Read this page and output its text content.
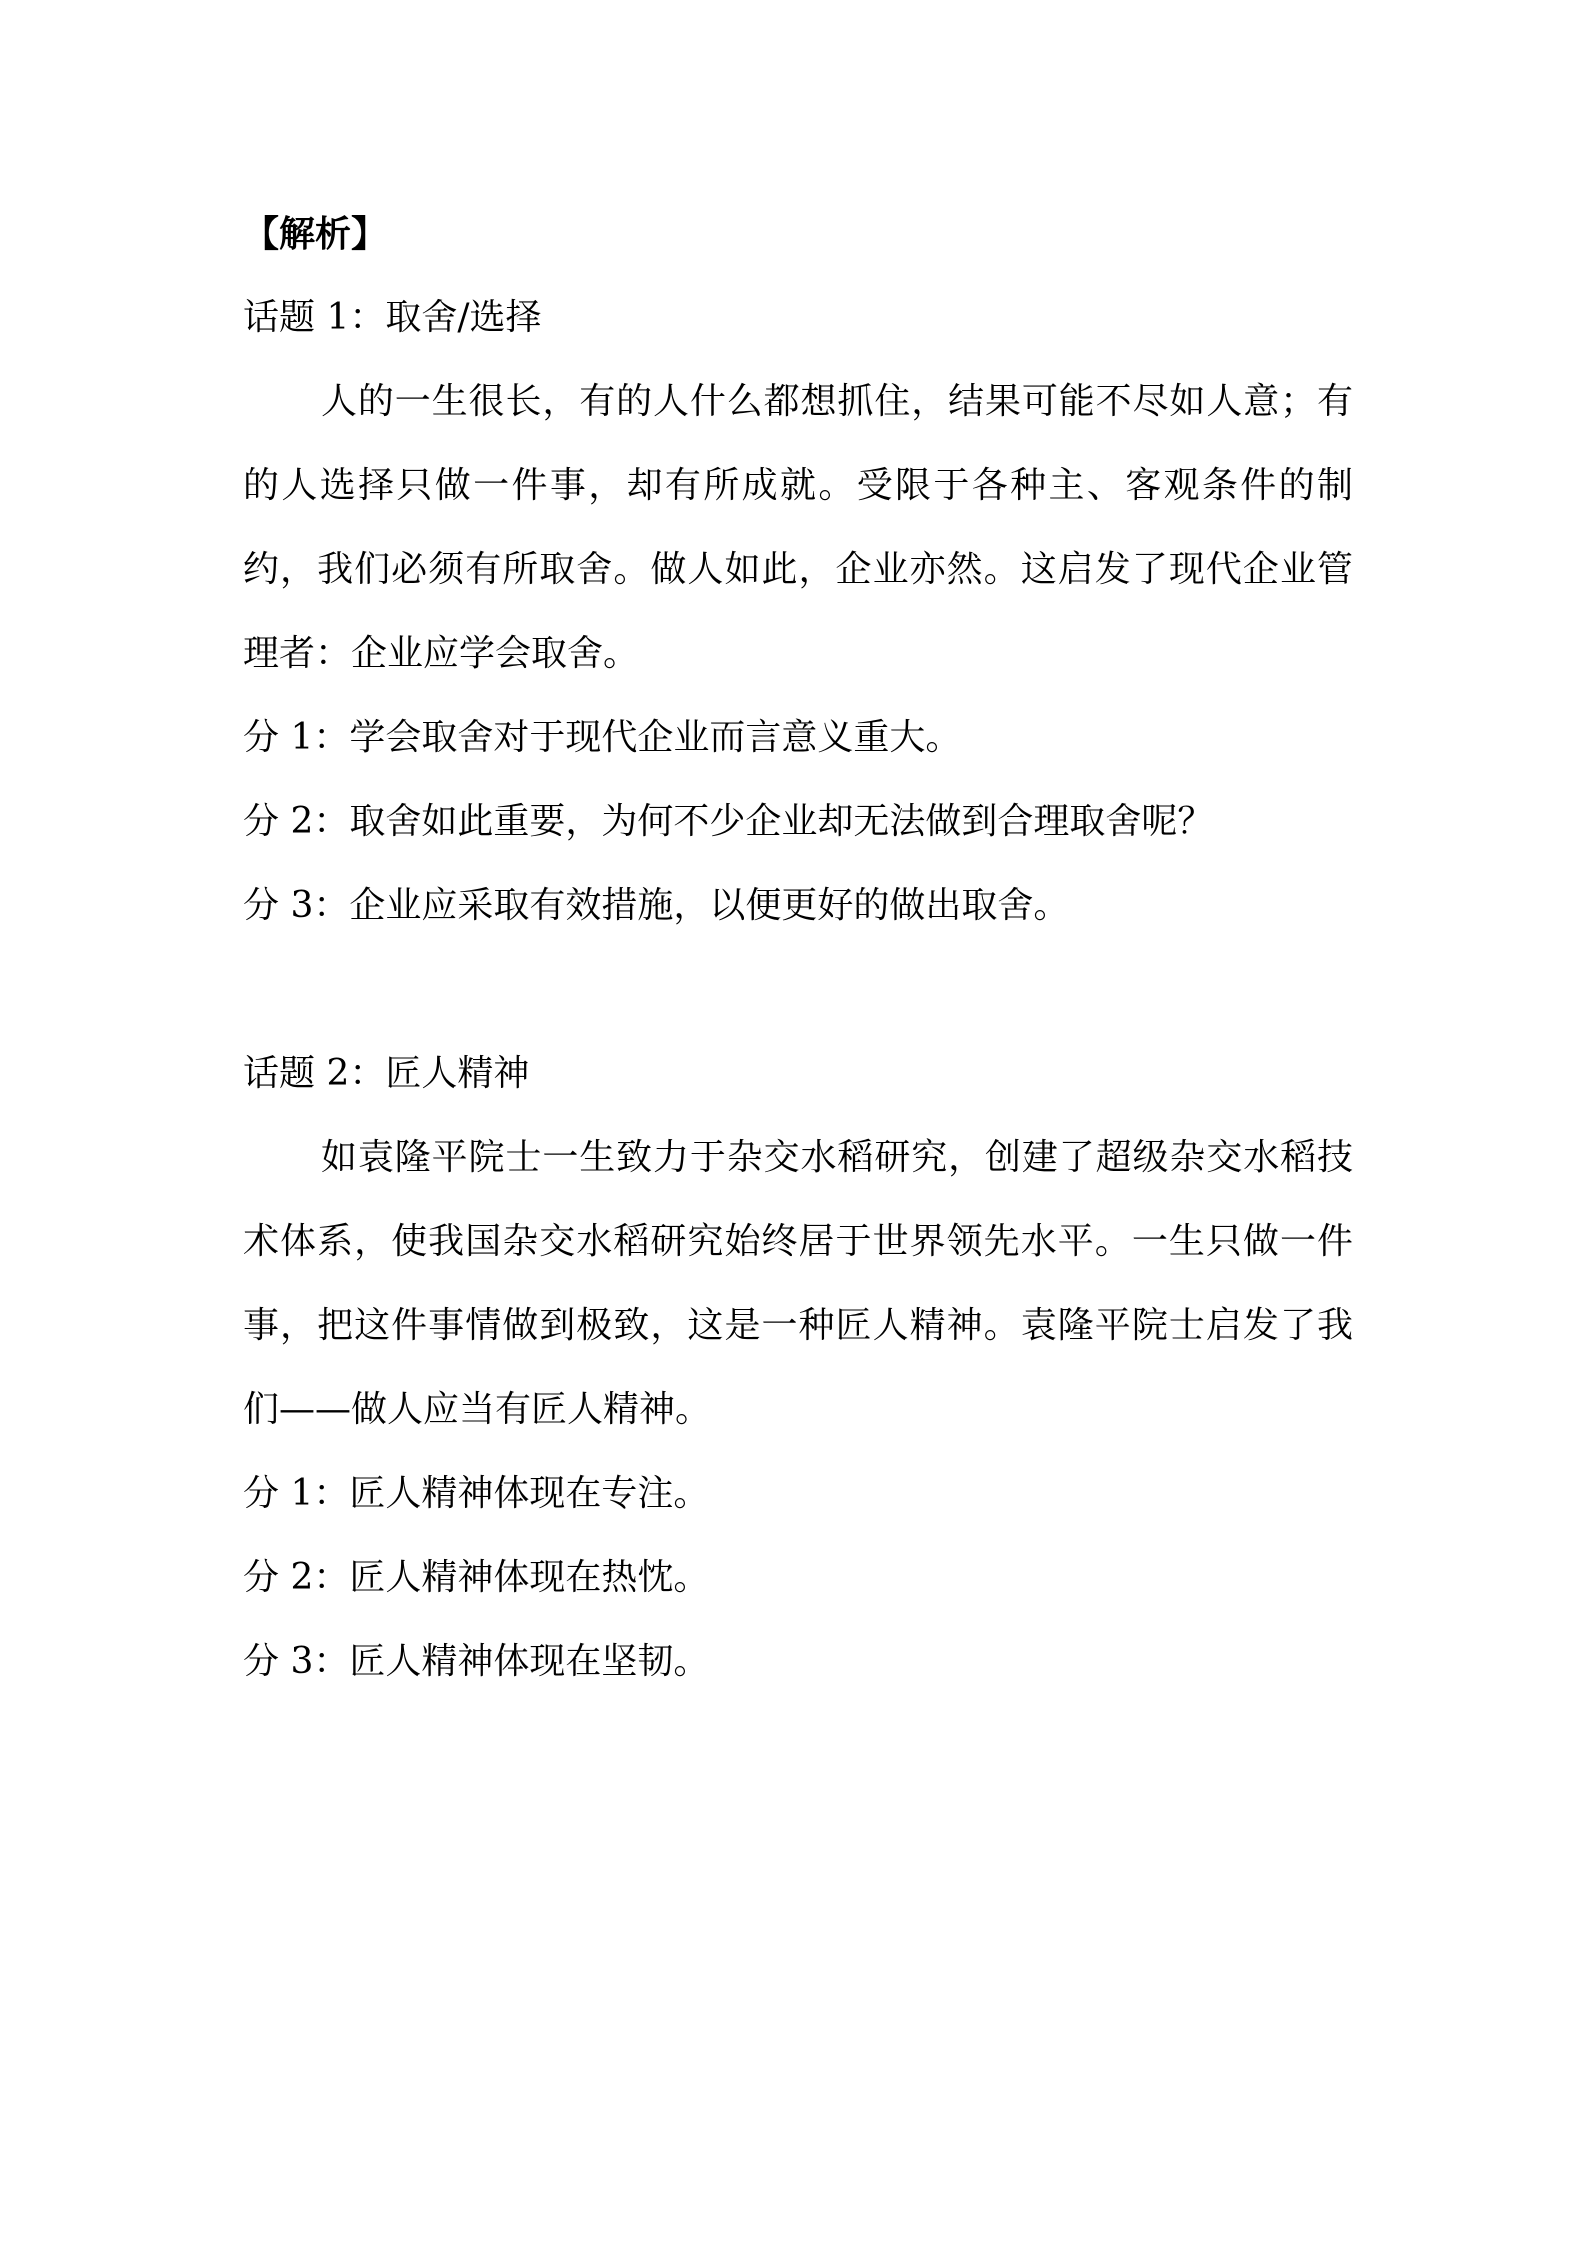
【解析】
话题 1：取舍/选择
人的一生很长，有的人什么都想抓住，结果可能不尽如人意；有的人选择只做一件事，却有所成就。受限于各种主、客观条件的制约，我们必须有所取舍。做人如此，企业亦然。这启发了现代企业管理者：企业应学会取舍。
分 1：学会取舍对于现代企业而言意义重大。
分 2：取舍如此重要，为何不少企业却无法做到合理取舍呢？
分 3：企业应采取有效措施，以便更好的做出取舍。
话题 2：匠人精神
如袁隆平院士一生致力于杂交水稻研究，创建了超级杂交水稻技术体系，使我国杂交水稻研究始终居于世界领先水平。一生只做一件事，把这件事情做到极致，这是一种匠人精神。袁隆平院士启发了我们——做人应当有匠人精神。
分 1：匠人精神体现在专注。
分 2：匠人精神体现在热忱。
分 3：匠人精神体现在坚韧。
